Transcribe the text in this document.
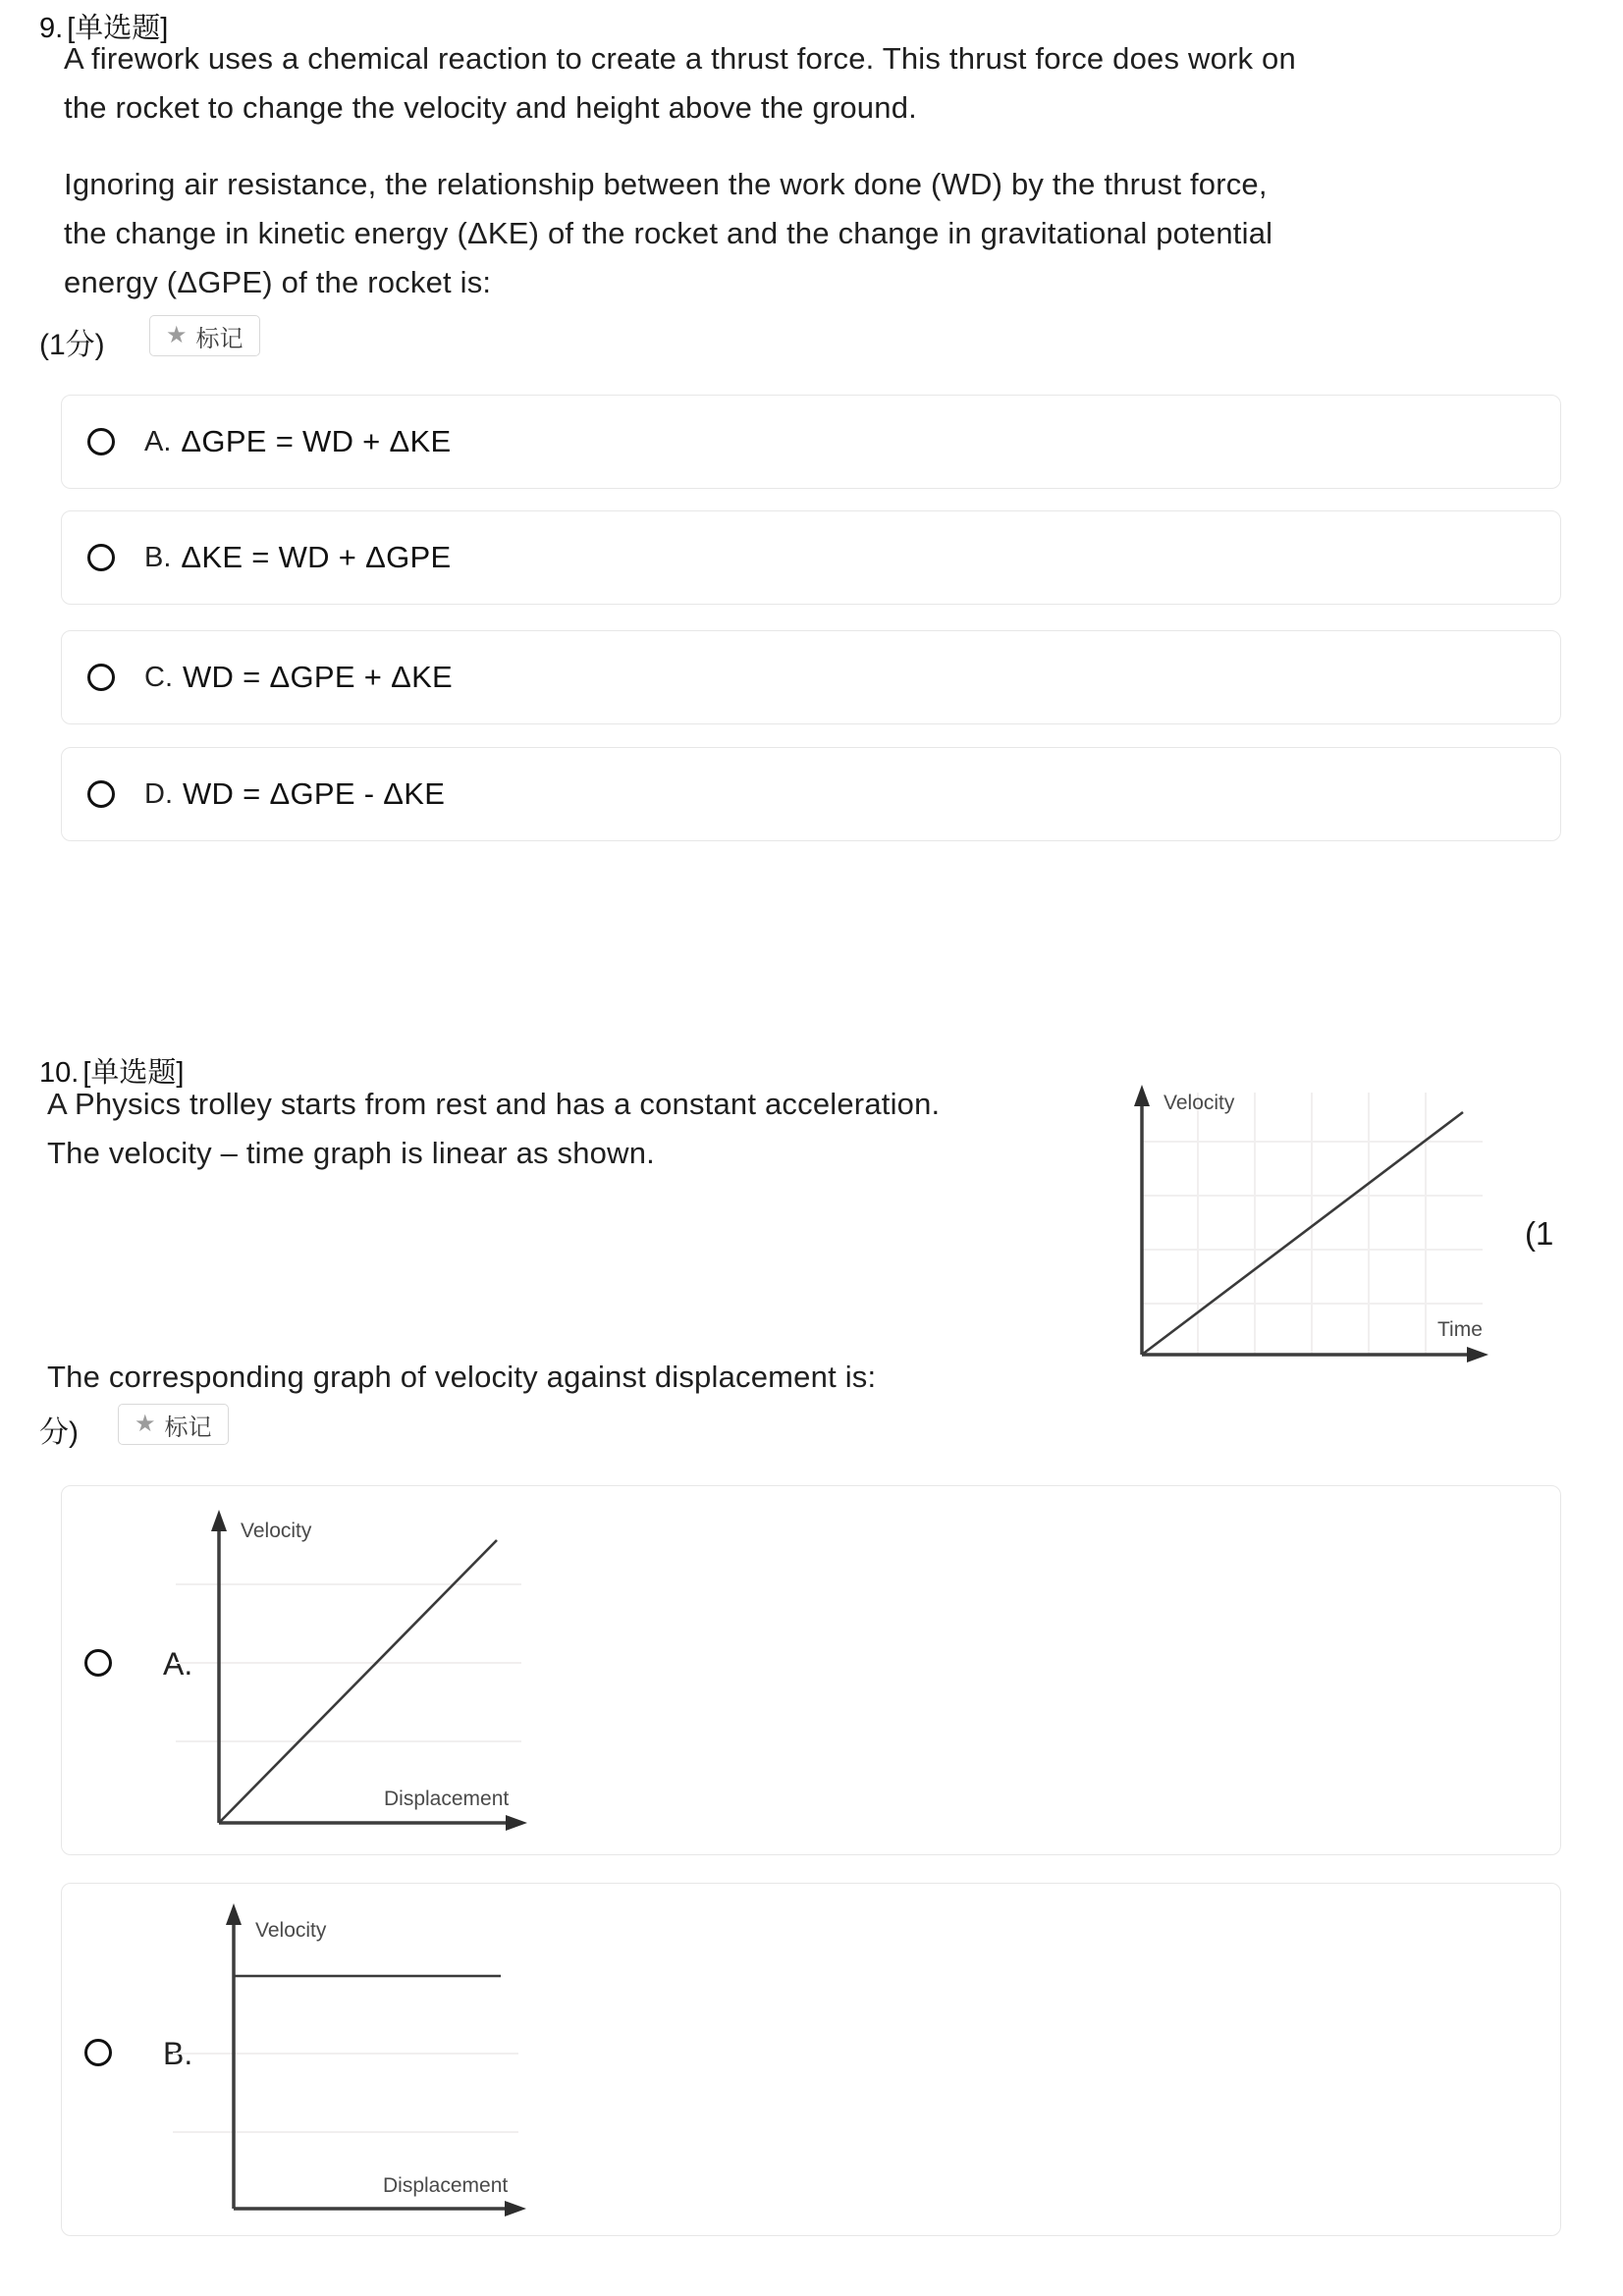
9. [单选题]
A firework uses a chemical reaction to create a thrust force. This thrust force does work on
the rocket to change the velocity and height above the ground.
Ignoring air resistance, the relationship between the work done (WD) by the thrust force,
the change in kinetic energy (ΔKE) of the rocket and the change in gravitational potential
energy (ΔGPE) of the rocket is:
(1分)	★ 标记
A. ΔGPE = WD + ΔKE
B. ΔKE = WD + ΔGPE
C. WD = ΔGPE + ΔKE
D. WD = ΔGPE - ΔKE
10. [单选题]
A Physics trolley starts from rest and has a constant acceleration.
The velocity – time graph is linear as shown.
Velocity
Time
(1
The corresponding graph of velocity against displacement is:
分) ★ 标记
A.
Velocity
Displacement
B.
Velocity
Displacement
